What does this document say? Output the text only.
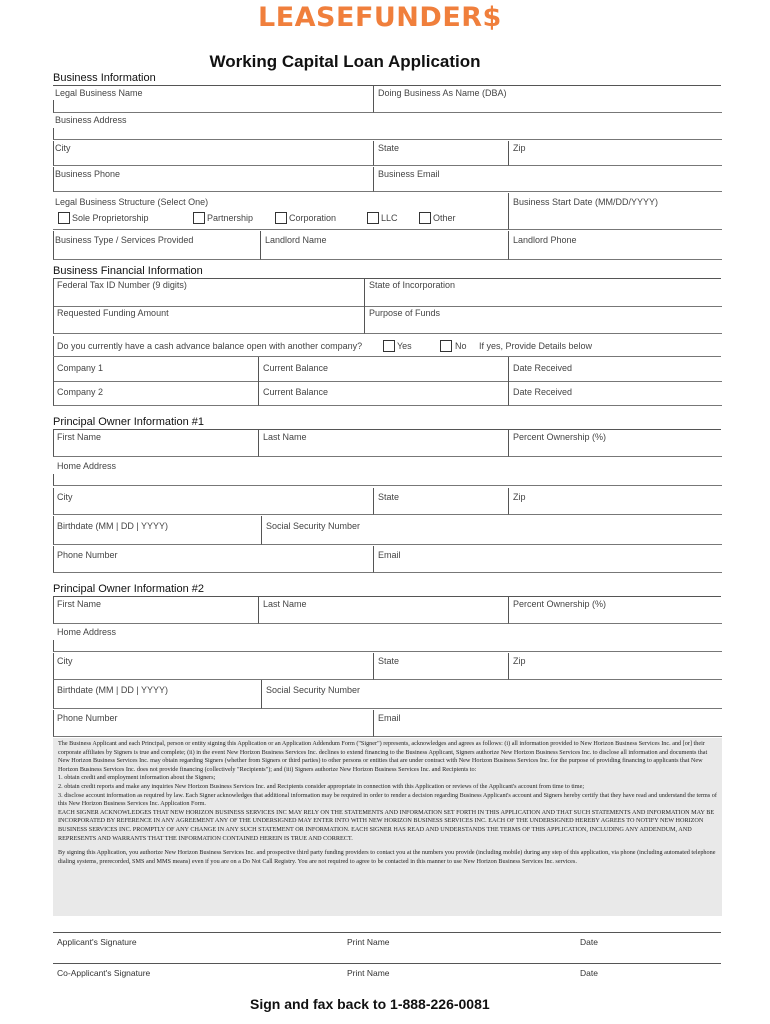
LEASEFUNDER$
Working Capital Loan Application
Business Information
Legal Business Name	Doing Business As Name (DBA)
Business Address
City	State	Zip
Business Phone	Business Email
Legal Business Structure (Select One)	Business Start Date (MM/DD/YYYY)
Sole Proprietorship	Partnership	Corporation	LLC	Other
Business Type / Services Provided	Landlord Name	Landlord Phone
Business Financial Information
Federal Tax ID Number (9 digits)	State of Incorporation
Requested Funding Amount	Purpose of Funds
Do you currently have a cash advance balance open with another company?	Yes	No If yes, Provide Details below
Company 1	Current Balance	Date Received
Company 2	Current Balance	Date Received
Principal Owner Information #1
First Name	Last Name	Percent Ownership (%)
Home Address
City	State	Zip
Birthdate (MM | DD | YYYY)	Social Security Number
Phone Number	Email
Principal Owner Information #2
First Name	Last Name	Percent Ownership (%)
Home Address
City	State	Zip
Birthdate (MM | DD | YYYY)	Social Security Number
Phone Number	Email

The Business Applicant and each Principal, person or entity signing this Application or an Application Addendum Form ("Signer") represents, acknowledges and agrees as follows: (i) all information provided to New Horizon Business Services Inc. and [or] their corporate affiliates by Signers is true and complete; (ii) in the event New Horizon Business Services Inc. declines to extend financing to the Business Applicant, Signers authorize New Horizon Business Services Inc. to disclose all information and documents that New Horizon Business Services Inc. may obtain regarding Signers (whether from Signers or third parties) to other persons or entities that are under contract with New Horizon Business Services Inc. for the purpose of providing financing to applicants that New Horizon Business Services Inc. does not provide financing (collectively "Recipients"); and (iii) Signers authorize New Horizon Business Services Inc. and Recipients to:

1. obtain credit and employment information about the Signers;

2. obtain credit reports and make any inquiries New Horizon Business Services Inc. and Recipients consider appropriate in connection with this Application or reviews of the Applicant's account from time to time;

3. disclose account information as required by law. Each Signer acknowledges that additional information may be required in order to render a decision regarding Business Applicant's account and Signers hereby certify that they have read and understand the terms of this New Horizon Business Services Inc. Application Form.

EACH SIGNER ACKNOWLEDGES THAT NEW HORIZON BUSINESS SERVICES INC MAY RELY ON THE STATEMENTS AND INFORMATION SET FORTH IN THIS APPLICATION AND THAT SUCH STATEMENTS AND INFORMATION MAY BE INCORPORATED BY REFERENCE IN ANY AGREEMENT ANY OF THE UNDERSIGNED MAY ENTER INTO WITH NEW HORIZON BUSINESS SERVICES INC. EACH OF THE UNDERSIGNED HEREBY AGREES TO NOTIFY NEW HORIZON BUSINESS SERVICES INC. PROMPTLY OF ANY CHANGE IN ANY SUCH STATEMENT OR INFORMATION. EACH SIGNER HAS READ AND UNDERSTANDS THE TERMS OF THIS APPLICATION, INCLUDING ANY ADDENDUM, AND REPRESENTS AND WARRANTS THAT THE INFORMATION CONTAINED HEREIN IS TRUE AND CORRECT.

By signing this Application, you authorize New Horizon Business Services Inc. and prospective third party funding providers to contact you at the numbers you provide (including mobile) during any step of this application, via phone (including automated telephone dialing systems, prerecorded, SMS and MMS means) even if you are on a Do Not Call Registry. You are not required to agree to be contacted in this manner to use New Horizon Business Services Inc. services.

Applicant's Signature	Print Name	Date
Co-Applicant's Signature	Print Name	Date
Sign and fax back to 1-888-226-0081
